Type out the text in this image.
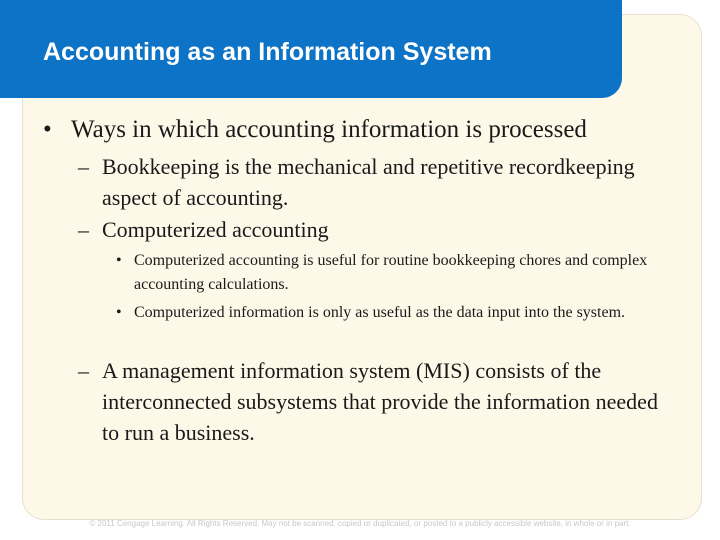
Accounting as an Information System
• Ways in which accounting information is processed
– Bookkeeping is the mechanical and repetitive recordkeeping aspect of accounting.
– Computerized accounting
• Computerized accounting is useful for routine bookkeeping chores and complex accounting calculations.
• Computerized information is only as useful as the data input into the system.
– A management information system (MIS) consists of the interconnected subsystems that provide the information needed to run a business.
© 2011 Cengage Learning. All Rights Reserved. May not be scanned, copied or duplicated, or posted to a publicly accessible website, in whole or in part.
